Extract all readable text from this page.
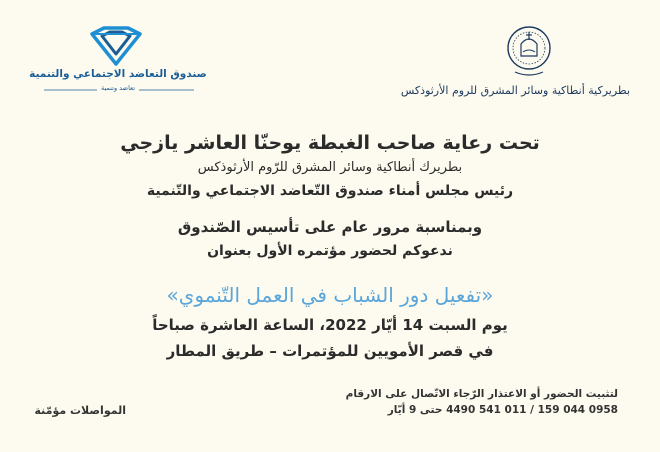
صندوق التعاضد الاجتماعي والتنمية
تعاضد وتنمية	بطريركية أنطاكية وسائر المشرق للروم الأرثوذكس
تحت رعاية صاحب الغبطة يوحنّا العاشر يازجي
بطريرك أنطاكية وسائر المشرق للرّوم الأرثوذكس
رئيس مجلس أمناء صندوق التّعاضد الاجتماعي والتّنمية
وبمناسبة مرور عام على تأسيس الصّندوق
ندعوكم لحضور مؤتمره الأول بعنوان
«تفعيل دور الشباب في العمل التّنموي»
يوم السبت 14 أيّار 2022، الساعة العاشرة صباحاً
في قصر الأمويين للمؤتمرات – طريق المطار
لتثبيت الحضور أو الاعتذار الرّجاء الاتّصال على الارقام
0958 044 159 / 011 541 4490 حتى 9 أيّار
المواصلات مؤمّنة
